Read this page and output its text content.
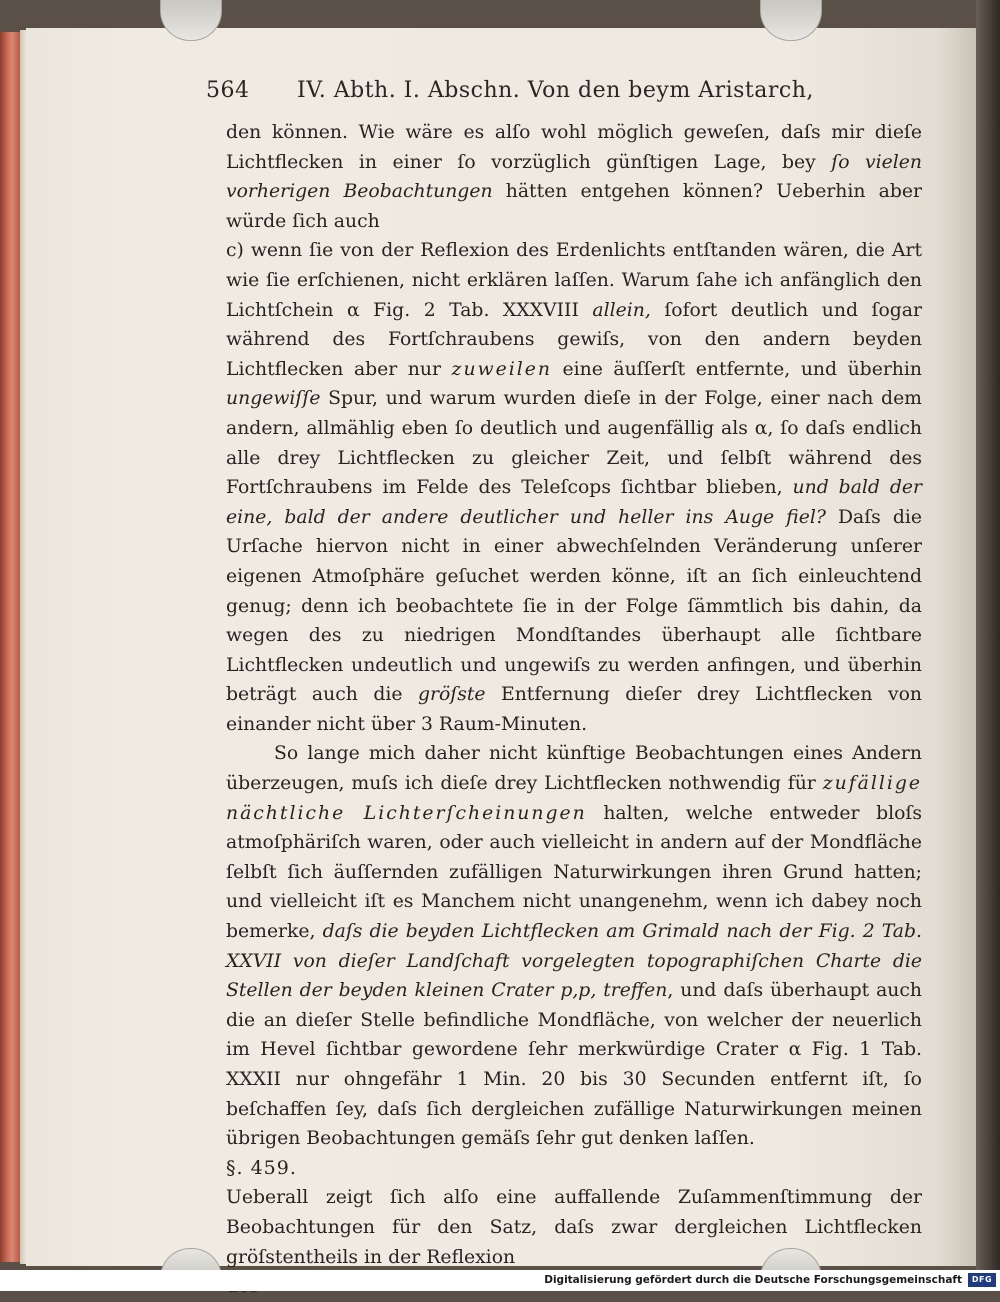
564 IV. Abth. I. Abschn. Von den beym Aristarch,

den können. Wie wäre es alſo wohl möglich geweſen, daſs mir dieſe Lichtflecken in einer ſo vorzüglich günſtigen Lage, bey ſo vielen vorherigen Beobachtungen hätten entgehen können? Ueberhin aber würde ſich auch

c) wenn ſie von der Reflexion des Erdenlichts entſtanden wären, die Art wie ſie erſchienen, nicht erklären laſſen. Warum ſahe ich anfänglich den Lichtſchein α Fig. 2 Tab. XXXVIII allein, ſofort deutlich und ſogar während des Fortſchraubens gewiſs, von den andern beyden Lichtflecken aber nur zuweilen eine äuſſerſt entfernte, und überhin ungewiſſe Spur, und warum wurden dieſe in der Folge, einer nach dem andern, allmählig eben ſo deutlich und augenfällig als α, ſo daſs endlich alle drey Lichtflecken zu gleicher Zeit, und ſelbſt während des Fortſchraubens im Felde des Teleſcops ſichtbar blieben, und bald der eine, bald der andere deutlicher und heller ins Auge fiel? Daſs die Urſache hiervon nicht in einer abwechſelnden Veränderung unſerer eigenen Atmoſphäre geſuchet werden könne, iſt an ſich einleuchtend genug; denn ich beobachtete ſie in der Folge ſämmtlich bis dahin, da wegen des zu niedrigen Mondſtandes überhaupt alle ſichtbare Lichtflecken undeutlich und ungewiſs zu werden anfingen, und überhin beträgt auch die gröſste Entfernung dieſer drey Lichtflecken von einander nicht über 3 Raum-Minuten.

So lange mich daher nicht künftige Beobachtungen eines Andern überzeugen, muſs ich dieſe drey Lichtflecken nothwendig für zufällige nächtliche Lichterſcheinungen halten, welche entweder bloſs atmoſphäriſch waren, oder auch vielleicht in andern auf der Mondfläche ſelbſt ſich äuſſernden zufälligen Naturwirkungen ihren Grund hatten; und vielleicht iſt es Manchem nicht unangenehm, wenn ich dabey noch bemerke, daſs die beyden Lichtflecken am Grimald nach der Fig. 2 Tab. XXVII von dieſer Landſchaft vorgelegten topographiſchen Charte die Stellen der beyden kleinen Crater p,p, treffen, und daſs überhaupt auch die an dieſer Stelle befindliche Mondfläche, von welcher der neuerlich im Hevel ſichtbar gewordene ſehr merkwürdige Crater α Fig. 1 Tab. XXXII nur ohngefähr 1 Min. 20 bis 30 Secunden entfernt iſt, ſo beſchaffen ſey, daſs ſich dergleichen zufällige Naturwirkungen meinen übrigen Beobachtungen gemäſs ſehr gut denken laſſen.

§. 459.

Ueberall zeigt ſich alſo eine auffallende Zuſammenſtimmung der Beobachtungen für den Satz, daſs zwar dergleichen Lichtflecken gröſstentheils in der Reflexion

Digitalisierung gefördert durch die Deutsche Forschungsgemeinschaft	DFG
